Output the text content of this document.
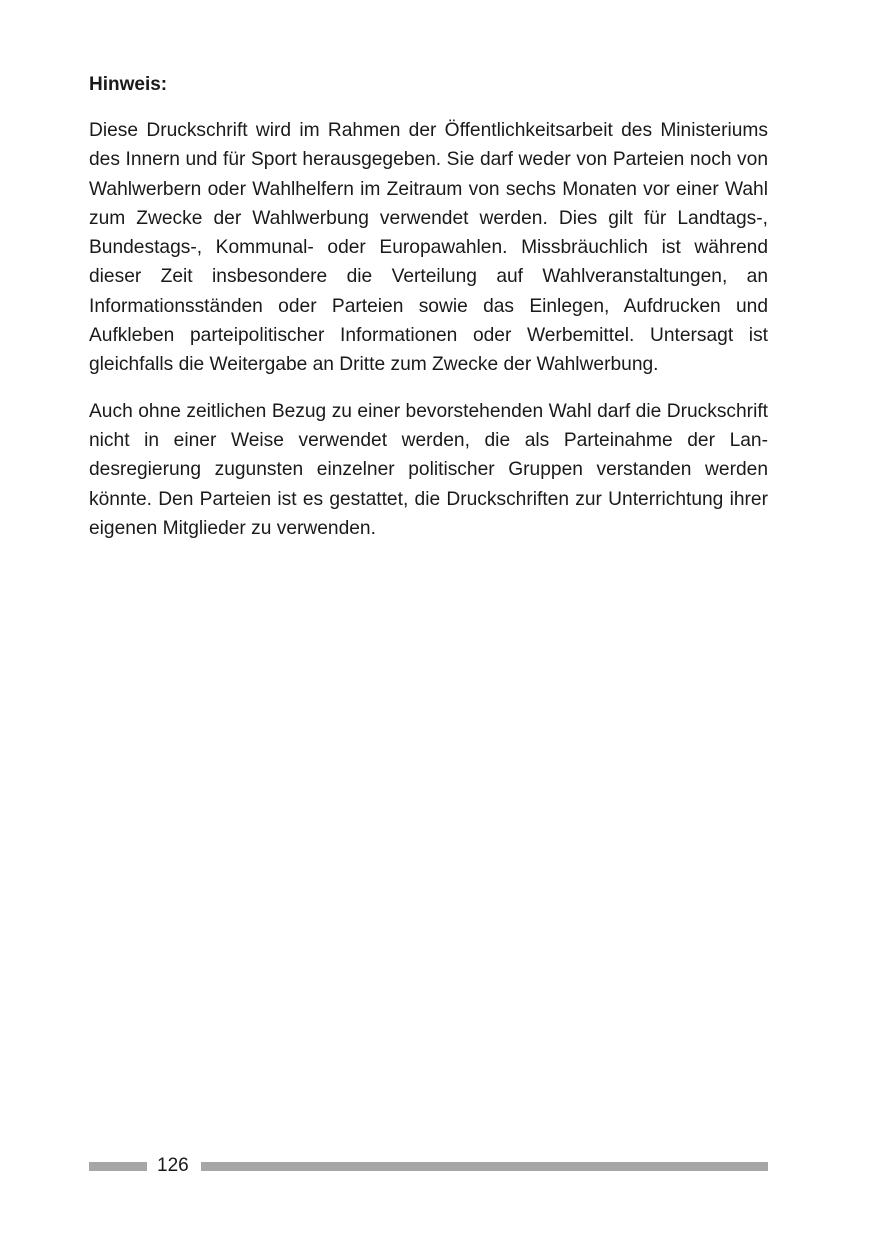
Hinweis:

Diese Druckschrift wird im Rahmen der Öffentlichkeitsarbeit des Ministeriums des Innern und für Sport herausgegeben. Sie darf weder von Parteien noch von Wahlwerbern oder Wahlhelfern im Zeitraum von sechs Monaten vor einer Wahl zum Zwecke der Wahlwerbung verwendet werden. Dies gilt für Landtags-, Bundestags-, Kommunal- oder Europawahlen. Missbräuchlich ist während dieser Zeit insbesondere die Verteilung auf Wahlveranstaltungen, an Informationsständen oder Parteien sowie das Einlegen, Aufdrucken und Aufkleben parteipolitischer Informationen oder Werbemittel. Untersagt ist gleichfalls die Weitergabe an Dritte zum Zwecke der Wahlwerbung.

Auch ohne zeitlichen Bezug zu einer bevorstehenden Wahl darf die Druckschrift nicht in einer Weise verwendet werden, die als Parteinahme der Landesregierung zugunsten einzelner politischer Gruppen verstanden werden könnte. Den Parteien ist es gestattet, die Druckschriften zur Unterrichtung ihrer eigenen Mitglieder zu verwenden.

126
